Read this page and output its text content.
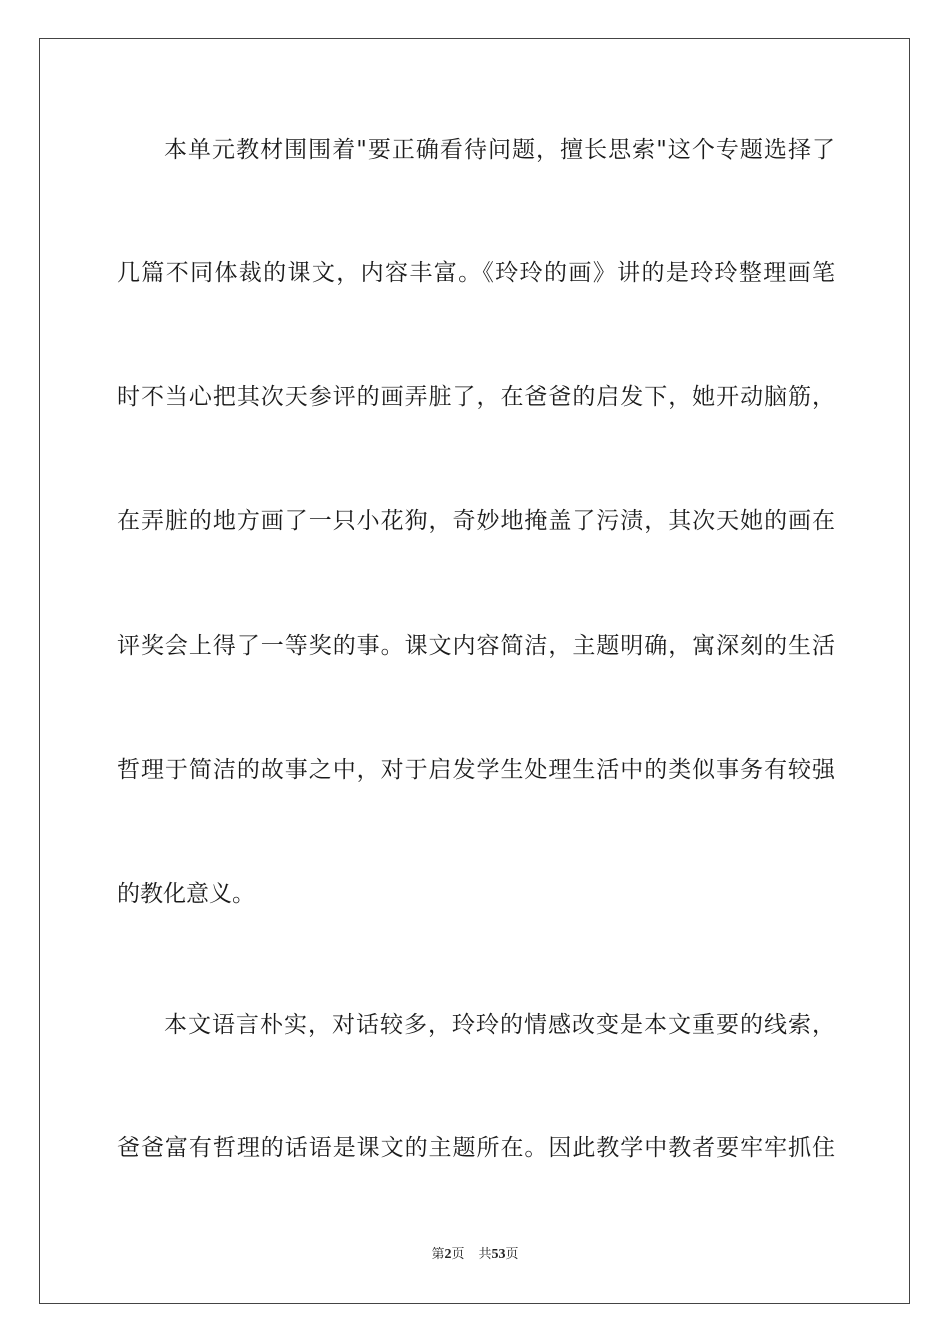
本单元教材围围着"要正确看待问题，擅长思索"这个专题选择了
几篇不同体裁的课文，内容丰富。《玲玲的画》讲的是玲玲整理画笔
时不当心把其次天参评的画弄脏了，在爸爸的启发下，她开动脑筋，
在弄脏的地方画了一只小花狗，奇妙地掩盖了污渍，其次天她的画在
评奖会上得了一等奖的事。课文内容简洁，主题明确，寓深刻的生活
哲理于简洁的故事之中，对于启发学生处理生活中的类似事务有较强
的教化意义。
本文语言朴实，对话较多，玲玲的情感改变是本文重要的线索，
爸爸富有哲理的话语是课文的主题所在。因此教学中教者要牢牢抓住
第2页 共53页
